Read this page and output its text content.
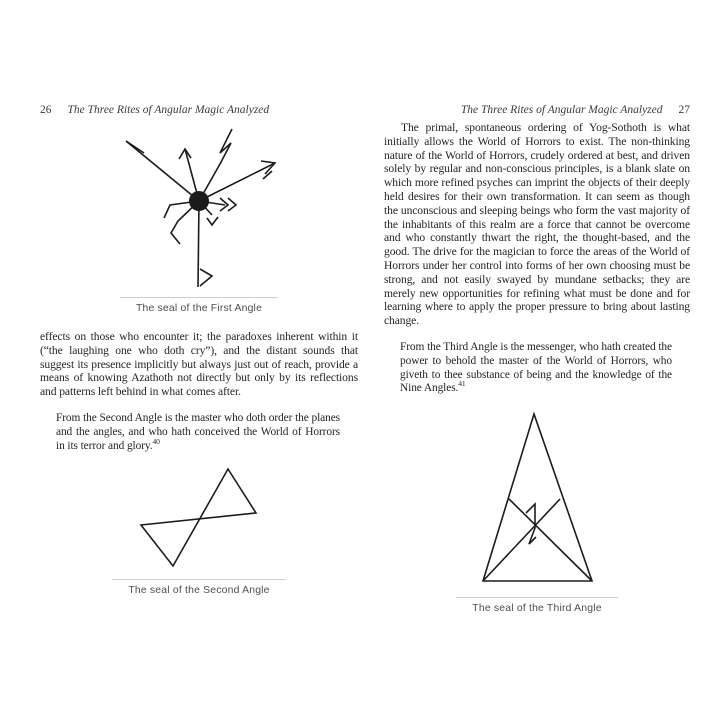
26 The Three Rites of Angular Magic Analyzed
The seal of the First Angle

effects on those who encounter it; the paradoxes inherent within it (“the laughing one who doth cry”), and the distant sounds that suggest its presence implicitly but always just out of reach, provide a means of knowing Azathoth not directly but only by its reflections and patterns left behind in what comes after.

From the Second Angle is the master who doth order the planes and the angles, and who hath conceived the World of Horrors in its terror and glory.$^{40}$

The seal of the Second Angle
The Three Rites of Angular Magic Analyzed 27

The primal, spontaneous ordering of Yog-Sothoth is what initially allows the World of Horrors to exist. The non-thinking nature of the World of Horrors, crudely ordered at best, and driven solely by regular and non-conscious principles, is a blank slate on which more refined psyches can imprint the objects of their deeply held desires for their own transformation. It can seem as though the unconscious and sleeping beings who form the vast majority of the inhabitants of this realm are a force that cannot be overcome and who constantly thwart the right, the thought-based, and the good. The drive for the magician to force the areas of the World of Horrors under her control into forms of her own choosing must be strong, and not easily swayed by mundane setbacks; they are merely new opportunities for refining what must be done and for learning where to apply the proper pressure to bring about lasting change.

From the Third Angle is the messenger, who hath created the power to behold the master of the World of Horrors, who giveth to thee substance of being and the knowledge of the Nine Angles.$^{41}$

The seal of the Third Angle
